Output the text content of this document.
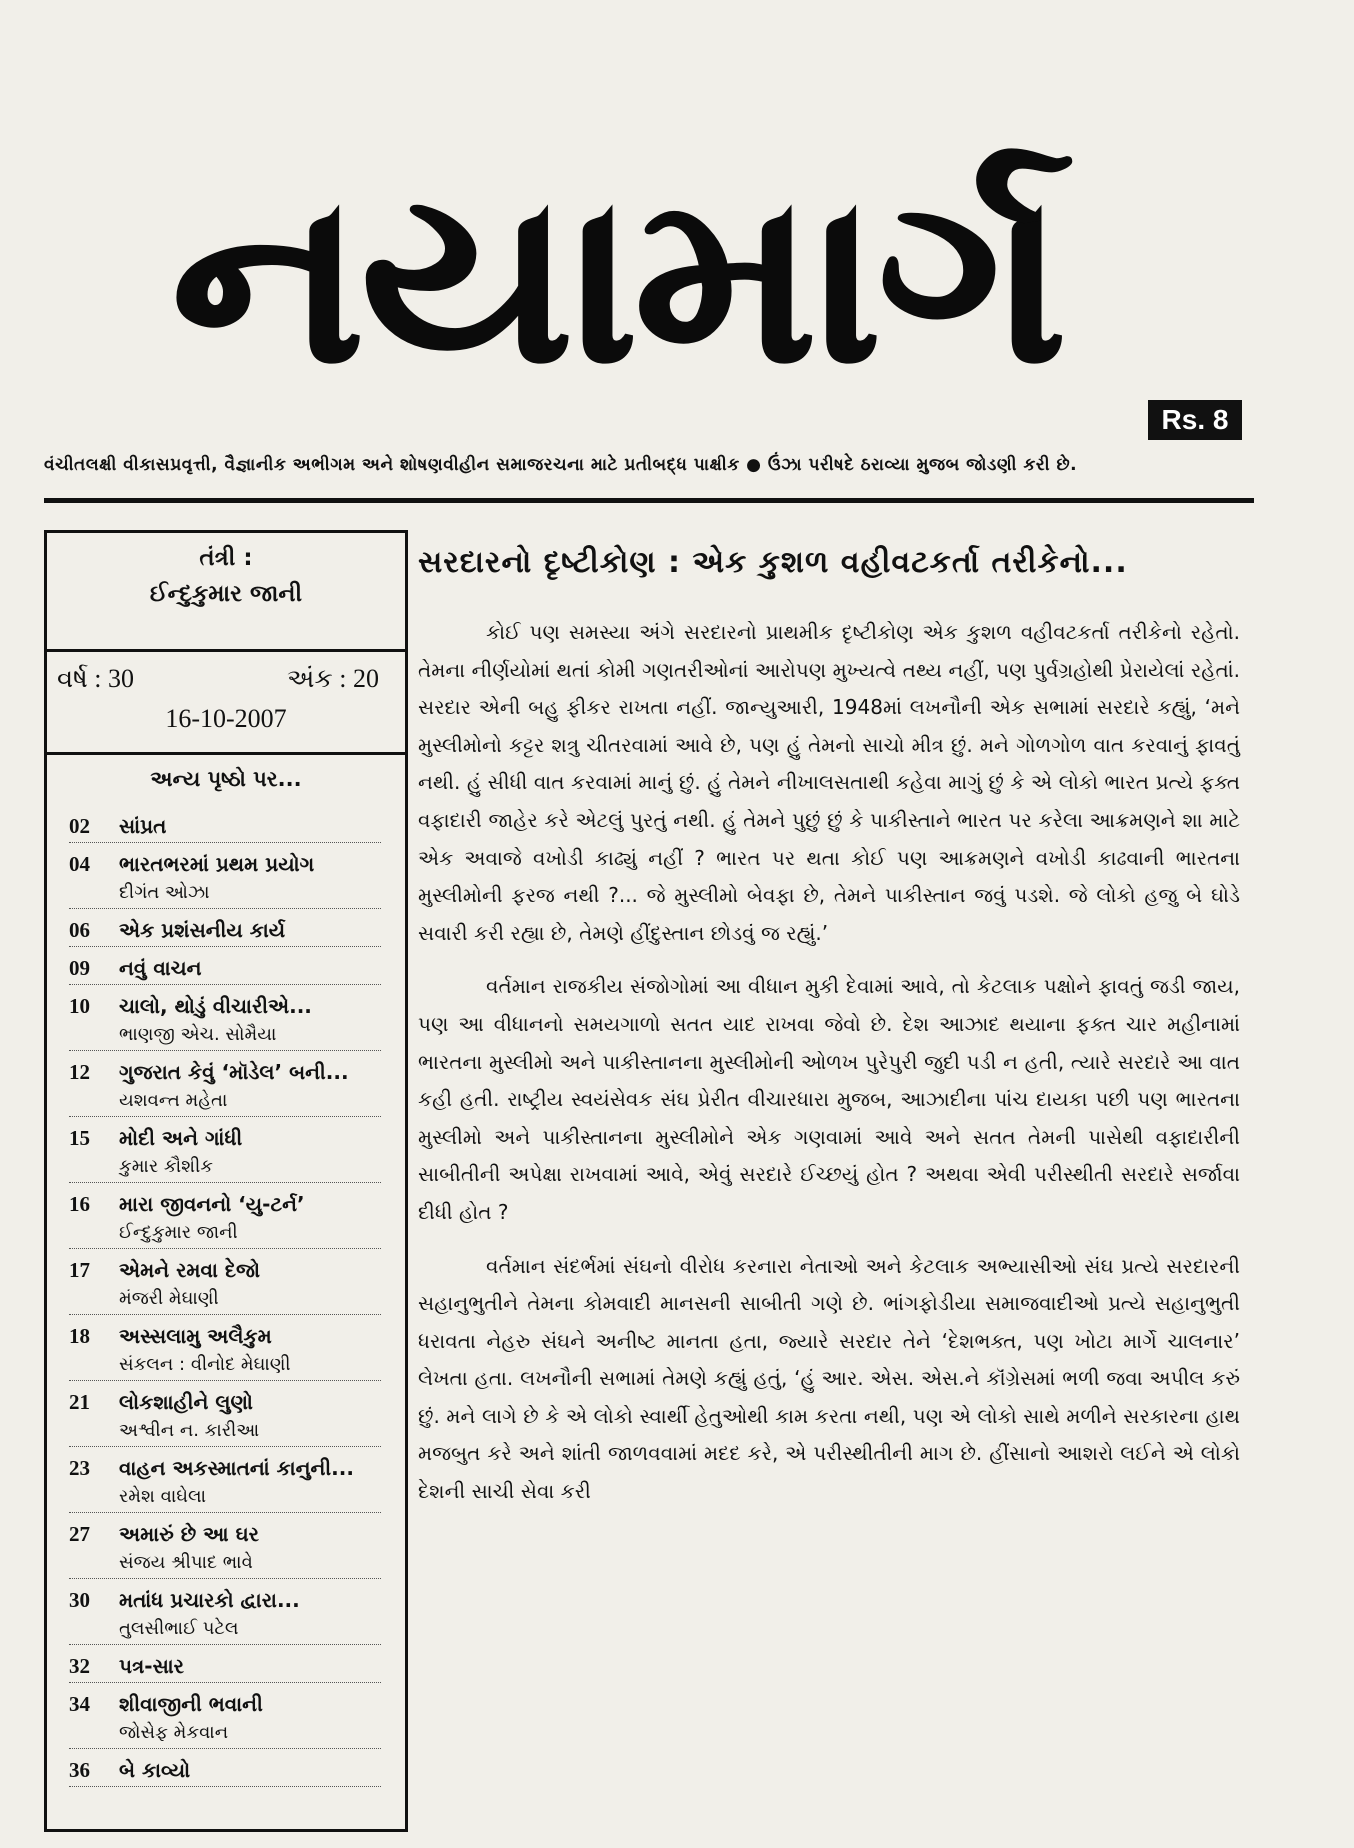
નયામાર્ગ
Rs. 8
વંચીતલક્ષી વીકાસપ્રવૃત્તી, વૈજ્ઞાનીક અભીગમ અને શોષણવીહીન સમાજરચના માટે પ્રતીબદ્ધ પાક્ષીક ● ઉંઝા પરીષદે ઠરાવ્યા મુજબ જોડણી કરી છે.
તંત્રી :
ઈન્દુકુમાર જાની
વર્ષ : 30	અંક : 20
16-10-2007
અન્ય પૃષ્ઠો પર...
02	સાંપ્રત
04	ભારતભરમાં પ્રથમ પ્રયોગ
દીગંત ઓઝા
06	એક પ્રશંસનીય કાર્ય
09	નવું વાચન
10	ચાલો, થોડું વીચારીએ...
ભાણજી એચ. સોમૈયા
12	ગુજરાત કેવું ‘મૉડેલ’ બની...
યશવન્ત મહેતા
15	મોદી અને ગાંધી
કુમાર કૌશીક
16	મારા જીવનનો ‘યુ-ટર્ન’
ઈન્દુકુમાર જાની
17	એમને રમવા દેજો
મંજરી મેઘાણી
18	અસ્સલામુ અલૈકુમ
સંકલન : વીનોદ મેઘાણી
21	લોકશાહીને લુણો
અશ્વીન ન. કારીઆ
23	વાહન અકસ્માતનાં કાનુની...
રમેશ વાઘેલા
27	અમારું છે આ ઘર
સંજય શ્રીપાદ ભાવે
30	મતાંધ પ્રચારકો દ્વારા...
તુલસીભાઈ પટેલ
32	પત્ર-સાર
34	શીવાજીની ભવાની
જોસેફ મેકવાન
36	બે કાવ્યો
સરદારનો દૃષ્ટીકોણ : એક કુશળ વહીવટકર્તા તરીકેનો...

કોઈ પણ સમસ્યા અંગે સરદારનો પ્રાથમીક દૃષ્ટીકોણ એક કુશળ વહીવટકર્તા તરીકેનો રહેતો. તેમના નીર્ણયોમાં થતાં કોમી ગણતરીઓનાં આરોપણ મુખ્યત્વે તથ્ય નહીં, પણ પુર્વગ્રહોથી પ્રેરાયેલાં રહેતાં. સરદાર એની બહુ ફીકર રાખતા નહીં. જાન્યુઆરી, 1948માં લખનૌની એક સભામાં સરદારે કહ્યું, ‘મને મુસ્લીમોનો કટ્ટર શત્રુ ચીતરવામાં આવે છે, પણ હું તેમનો સાચો મીત્ર છું. મને ગોળગોળ વાત કરવાનું ફાવતું નથી. હું સીધી વાત કરવામાં માનું છું. હું તેમને નીખાલસતાથી કહેવા માગું છું કે એ લોકો ભારત પ્રત્યે ફક્ત વફાદારી જાહેર કરે એટલું પુરતું નથી. હું તેમને પુછું છું કે પાકીસ્તાને ભારત પર કરેલા આક્રમણને શા માટે એક અવાજે વખોડી કાઢ્યું નહીં ? ભારત પર થતા કોઈ પણ આક્રમણને વખોડી કાઢવાની ભારતના મુસ્લીમોની ફરજ નથી ?... જે મુસ્લીમો બેવફા છે, તેમને પાકીસ્તાન જવું પડશે. જે લોકો હજુ બે ઘોડે સવારી કરી રહ્યા છે, તેમણે હીંદુસ્તાન છોડવું જ રહ્યું.’

વર્તમાન રાજકીય સંજોગોમાં આ વીધાન મુકી દેવામાં આવે, તો કેટલાક પક્ષોને ફાવતું જડી જાય, પણ આ વીધાનનો સમયગાળો સતત યાદ રાખવા જેવો છે. દેશ આઝાદ થયાના ફક્ત ચાર મહીનામાં ભારતના મુસ્લીમો અને પાકીસ્તાનના મુસ્લીમોની ઓળખ પુરેપુરી જુદી પડી ન હતી, ત્યારે સરદારે આ વાત કહી હતી. રાષ્ટ્રીય સ્વયંસેવક સંઘ પ્રેરીત વીચારધારા મુજબ, આઝાદીના પાંચ દાયકા પછી પણ ભારતના મુસ્લીમો અને પાકીસ્તાનના મુસ્લીમોને એક ગણવામાં આવે અને સતત તેમની પાસેથી વફાદારીની સાબીતીની અપેક્ષા રાખવામાં આવે, એવું સરદારે ઈચ્છયું હોત ? અથવા એવી પરીસ્થીતી સરદારે સર્જાવા દીધી હોત ?

વર્તમાન સંદર્ભમાં સંઘનો વીરોધ કરનારા નેતાઓ અને કેટલાક અભ્યાસીઓ સંઘ પ્રત્યે સરદારની સહાનુભુતીને તેમના કોમવાદી માનસની સાબીતી ગણે છે. ભાંગફોડીયા સમાજવાદીઓ પ્રત્યે સહાનુભુતી ધરાવતા નેહરુ સંઘને અનીષ્ટ માનતા હતા, જ્યારે સરદાર તેને ‘દેશભક્ત, પણ ખોટા માર્ગે ચાલનાર’ લેખતા હતા. લખનૌની સભામાં તેમણે કહ્યું હતું, ‘હું આર. એસ. એસ.ને કૉંગ્રેસમાં ભળી જવા અપીલ કરું છું. મને લાગે છે કે એ લોકો સ્વાર્થી હેતુઓથી કામ કરતા નથી, પણ એ લોકો સાથે મળીને સરકારના હાથ મજબુત કરે અને શાંતી જાળવવામાં મદદ કરે, એ પરીસ્થીતીની માગ છે. હીંસાનો આશરો લઈને એ લોકો દેશની સાચી સેવા કરી
